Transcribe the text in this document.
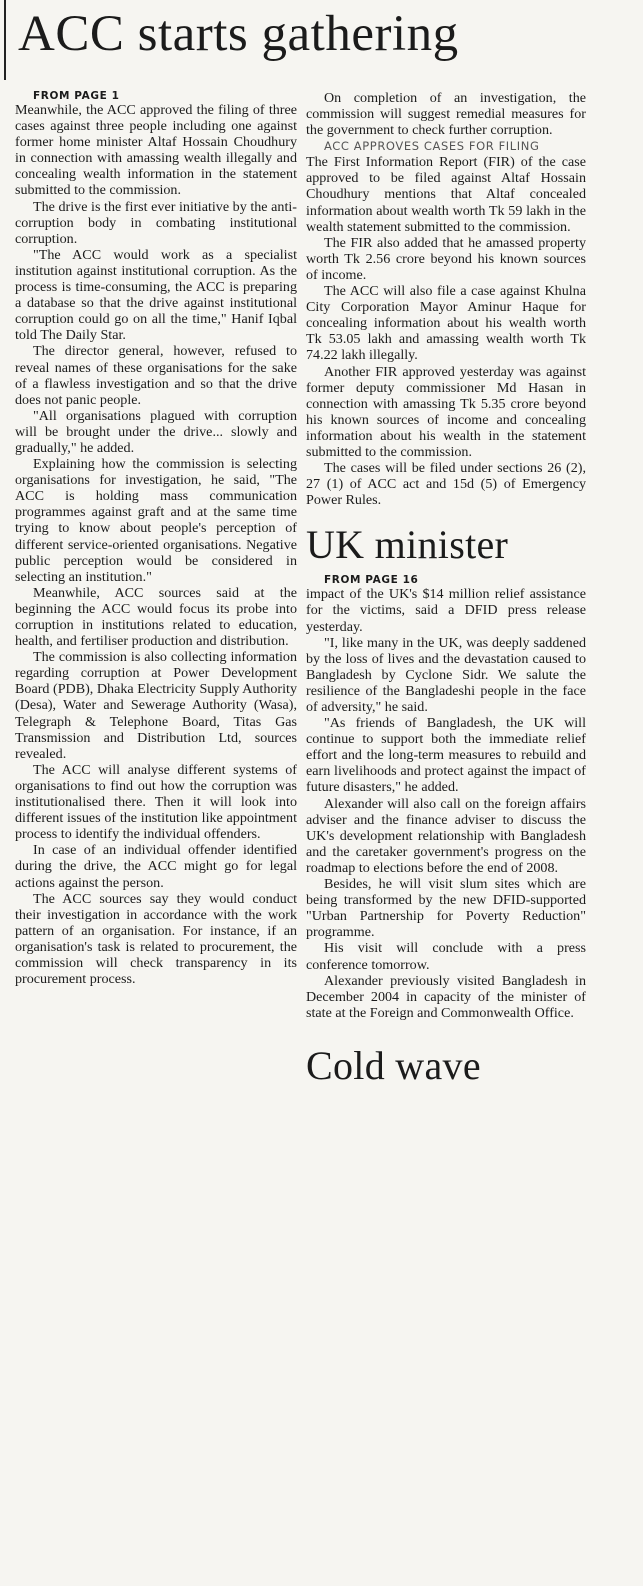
ACC starts gathering

FROM PAGE 1

Meanwhile, the ACC approved the filing of three cases against three people including one against former home minister Altaf Hossain Choudhury in connection with amassing wealth illegally and concealing wealth information in the statement submitted to the commission.

The drive is the first ever initiative by the anti-corruption body in combating institutional corruption.

"The ACC would work as a specialist institution against institutional corruption. As the process is time-consuming, the ACC is preparing a database so that the drive against institutional corruption could go on all the time," Hanif Iqbal told The Daily Star.

The director general, however, refused to reveal names of these organisations for the sake of a flawless investigation and so that the drive does not panic people.

"All organisations plagued with corruption will be brought under the drive... slowly and gradually," he added.

Explaining how the commission is selecting organisations for investigation, he said, "The ACC is holding mass communication programmes against graft and at the same time trying to know about people's perception of different service-oriented organisations. Negative public perception would be considered in selecting an institution."

Meanwhile, ACC sources said at the beginning the ACC would focus its probe into corruption in institutions related to education, health, and fertiliser production and distribution.

The commission is also collecting information regarding corruption at Power Development Board (PDB), Dhaka Electricity Supply Authority (Desa), Water and Sewerage Authority (Wasa), Telegraph & Telephone Board, Titas Gas Transmission and Distribution Ltd, sources revealed.

The ACC will analyse different systems of organisations to find out how the corruption was institutionalised there. Then it will look into different issues of the institution like appointment process to identify the individual offenders.

In case of an individual offender identified during the drive, the ACC might go for legal actions against the person.

The ACC sources say they would conduct their investigation in accordance with the work pattern of an organisation. For instance, if an organisation's task is related to procurement, the commission will check transparency in its procurement process.

On completion of an investigation, the commission will suggest remedial measures for the government to check further corruption.

ACC APPROVES CASES FOR FILING

The First Information Report (FIR) of the case approved to be filed against Altaf Hossain Choudhury mentions that Altaf concealed information about wealth worth Tk 59 lakh in the wealth statement submitted to the commission.

The FIR also added that he amassed property worth Tk 2.56 crore beyond his known sources of income.

The ACC will also file a case against Khulna City Corporation Mayor Aminur Haque for concealing information about his wealth worth Tk 53.05 lakh and amassing wealth worth Tk 74.22 lakh illegally.

Another FIR approved yesterday was against former deputy commissioner Md Hasan in connection with amassing Tk 5.35 crore beyond his known sources of income and concealing information about his wealth in the statement submitted to the commission.

The cases will be filed under sections 26 (2), 27 (1) of ACC act and 15d (5) of Emergency Power Rules.

UK minister

FROM PAGE 16

impact of the UK's $14 million relief assistance for the victims, said a DFID press release yesterday.

"I, like many in the UK, was deeply saddened by the loss of lives and the devastation caused to Bangladesh by Cyclone Sidr. We salute the resilience of the Bangladeshi people in the face of adversity," he said.

"As friends of Bangladesh, the UK will continue to support both the immediate relief effort and the long-term measures to rebuild and earn livelihoods and protect against the impact of future disasters," he added.

Alexander will also call on the foreign affairs adviser and the finance adviser to discuss the UK's development relationship with Bangladesh and the caretaker government's progress on the roadmap to elections before the end of 2008.

Besides, he will visit slum sites which are being transformed by the new DFID-supported "Urban Partnership for Poverty Reduction" programme.

His visit will conclude with a press conference tomorrow.

Alexander previously visited Bangladesh in December 2004 in capacity of the minister of state at the Foreign and Commonwealth Office.

Cold wave
